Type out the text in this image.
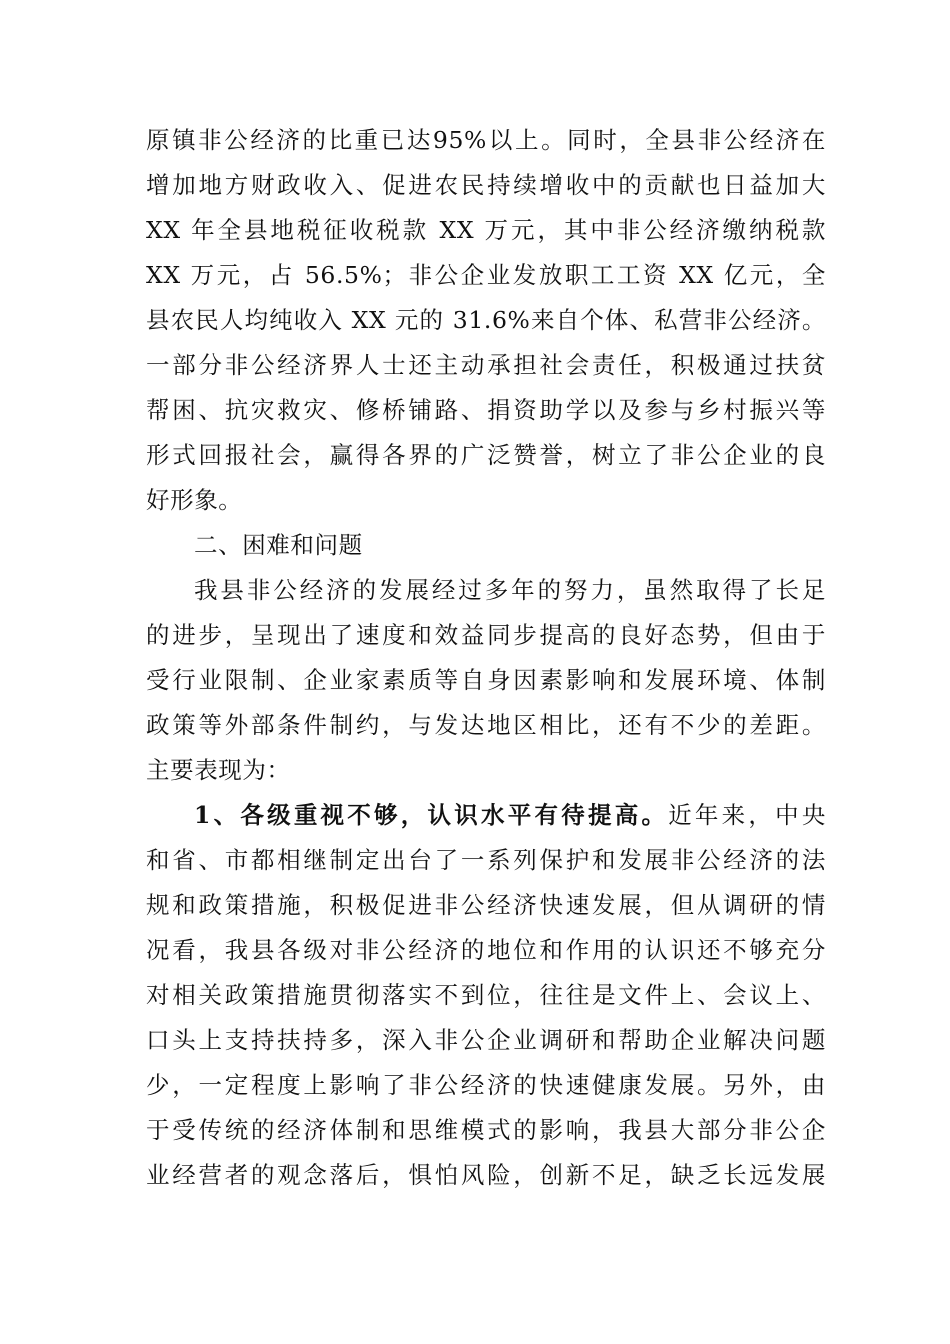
原镇非公经济的比重已达95%以上。同时，全县非公经济在
增加地方财政收入、促进农民持续增收中的贡献也日益加大
XX 年全县地税征收税款 XX 万元，其中非公经济缴纳税款
XX 万元，占 56.5%；非公企业发放职工工资 XX 亿元，全
县农民人均纯收入 XX 元的 31.6%来自个体、私营非公经济。
一部分非公经济界人士还主动承担社会责任，积极通过扶贫
帮困、抗灾救灾、修桥铺路、捐资助学以及参与乡村振兴等
形式回报社会，赢得各界的广泛赞誉，树立了非公企业的良
好形象。
二、困难和问题
我县非公经济的发展经过多年的努力，虽然取得了长足
的进步，呈现出了速度和效益同步提高的良好态势，但由于
受行业限制、企业家素质等自身因素影响和发展环境、体制
政策等外部条件制约，与发达地区相比，还有不少的差距。
主要表现为：
1、各级重视不够，认识水平有待提高。近年来，中央
和省、市都相继制定出台了一系列保护和发展非公经济的法
规和政策措施，积极促进非公经济快速发展，但从调研的情
况看，我县各级对非公经济的地位和作用的认识还不够充分
对相关政策措施贯彻落实不到位，往往是文件上、会议上、
口头上支持扶持多，深入非公企业调研和帮助企业解决问题
少，一定程度上影响了非公经济的快速健康发展。另外，由
于受传统的经济体制和思维模式的影响，我县大部分非公企
业经营者的观念落后，惧怕风险，创新不足，缺乏长远发展
